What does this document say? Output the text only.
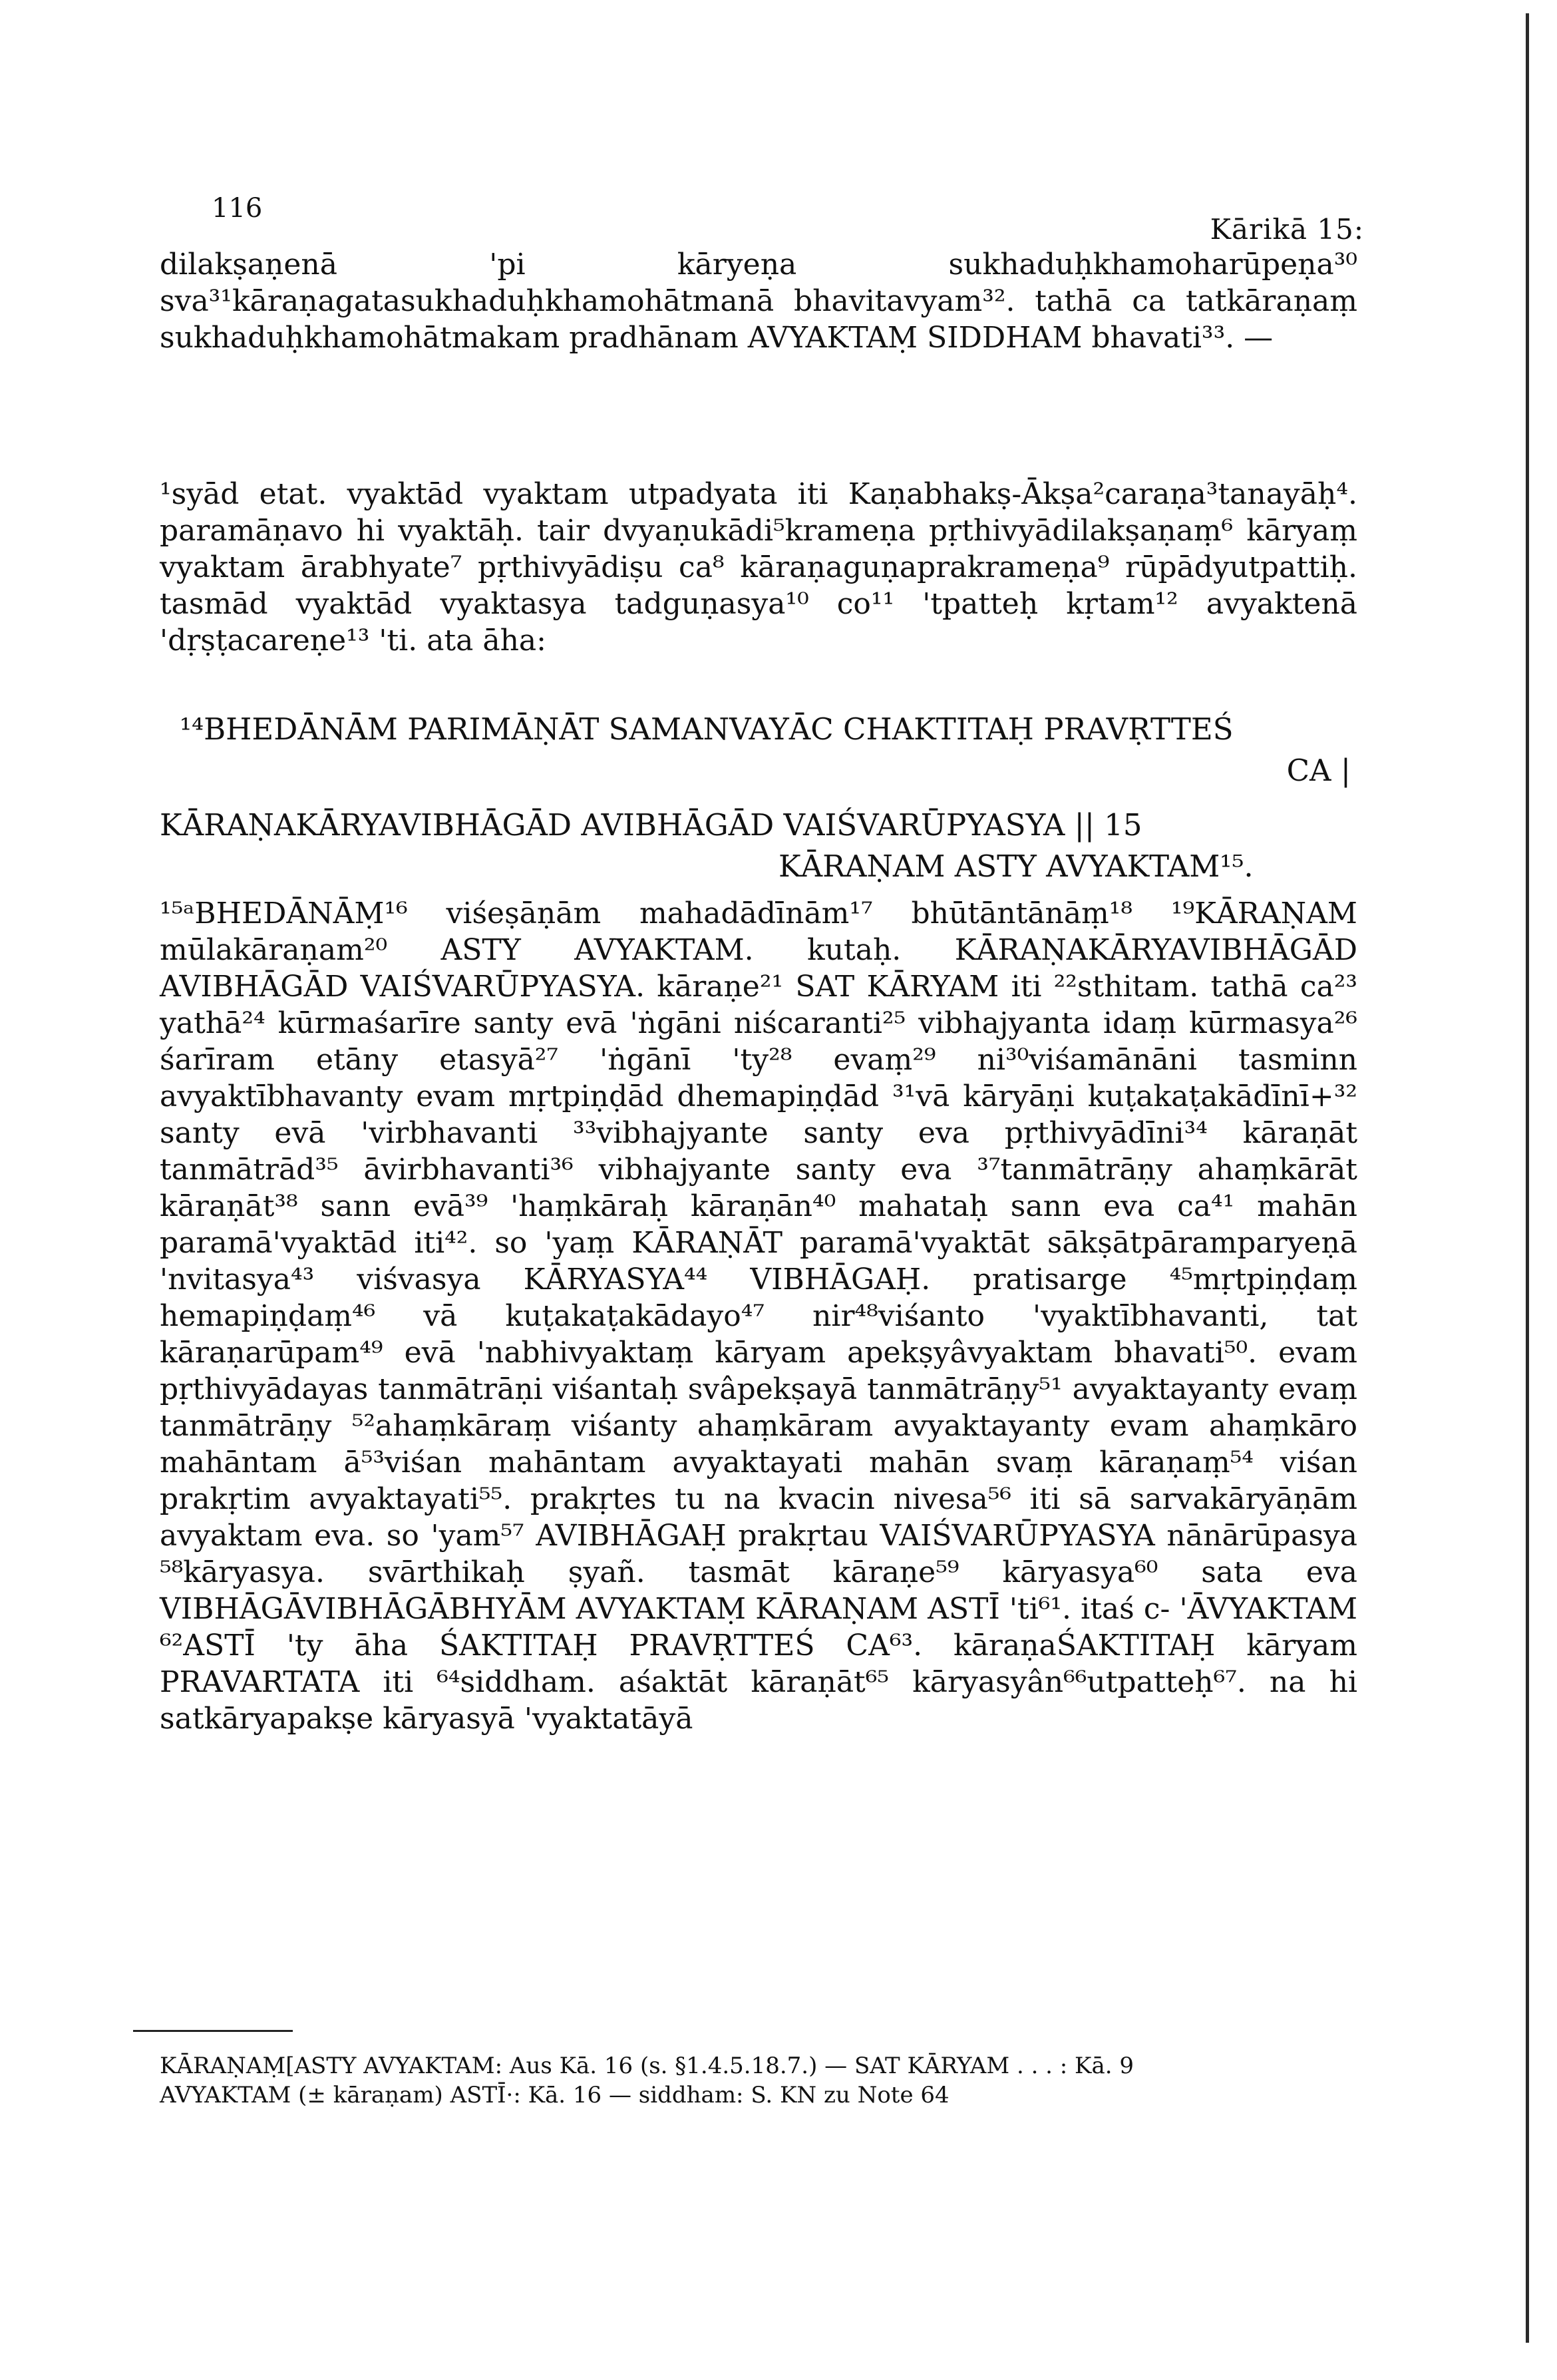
116
Kārikā 15:

dilakṣaṇenā 'pi kāryeṇa sukhaduḥkhamoharūpeṇa³⁰ sva³¹kāraṇagatasukhaduḥkhamohātmanā bhavitavyam³². tathā ca tatkāraṇaṃ sukhaduḥkhamohātmakam pradhānam AVYAKTAṂ SIDDHAM bhavati³³. —

¹syād etat. vyaktād vyaktam utpadyata iti Kaṇabhakṣ-Ākṣa²caraṇa³tanayāḥ⁴. paramāṇavo hi vyaktāḥ. tair dvyaṇukādi⁵krameṇa pṛthivyādilakṣaṇaṃ⁶ kāryaṃ vyaktam ārabhyate⁷ pṛthivyādiṣu ca⁸ kāraṇaguṇaprakrameṇa⁹ rūpādyutpattiḥ. tasmād vyaktād vyaktasya tadguṇasya¹⁰ co¹¹ 'tpatteḥ kṛtam¹² avyaktenā 'dṛṣṭacareṇe¹³ 'ti. ata āha:

¹⁴BHEDĀNĀM PARIMĀṆĀT SAMANVAYĀC CHAKTITAḤ PRAVṚTTEŚ

CA |

KĀRAṆAKĀRYAVIBHĀGĀD AVIBHĀGĀD VAIŚVARŪPYASYA || 15

KĀRAṆAM ASTY AVYAKTAM¹⁵.

¹⁵ᵃBHEDĀNĀṂ¹⁶ viśeṣāṇām mahadādīnām¹⁷ bhūtāntānāṃ¹⁸ ¹⁹KĀRAṆAM mūlakāraṇam²⁰ ASTY AVYAKTAM. kutaḥ. KĀRAṆAKĀRYAVIBHĀGĀD AVIBHĀGĀD VAIŚVARŪPYASYA. kāraṇe²¹ SAT KĀRYAM iti ²²sthitam. tathā ca²³ yathā²⁴ kūrmaśarīre santy evā 'ṅgāni niścaranti²⁵ vibhajyanta idaṃ kūrmasya²⁶ śarīram etāny etasyā²⁷ 'ṅgānī 'ty²⁸ evaṃ²⁹ ni³⁰viśamānāni tasminn avyaktībhavanty evam mṛtpiṇḍād dhemapiṇḍād ³¹vā kāryāṇi kuṭakaṭakādīnī+³² santy evā 'virbhavanti ³³vibhajyante santy eva pṛthivyādīni³⁴ kāraṇāt tanmātrād³⁵ āvirbhavanti³⁶ vibhajyante santy eva ³⁷tanmātrāṇy ahaṃkārāt kāraṇāt³⁸ sann evā³⁹ 'haṃkāraḥ kāraṇān⁴⁰ mahataḥ sann eva ca⁴¹ mahān paramā'vyaktād iti⁴². so 'yaṃ KĀRAṆĀT paramā'vyaktāt sākṣātpāramparyeṇā 'nvitasya⁴³ viśvasya KĀRYASYA⁴⁴ VIBHĀGAḤ. pratisarge ⁴⁵mṛtpiṇḍaṃ hemapiṇḍaṃ⁴⁶ vā kuṭakaṭakādayo⁴⁷ nir⁴⁸viśanto 'vyaktībhavanti, tat kāraṇarūpam⁴⁹ evā 'nabhivyaktaṃ kāryam apekṣyâvyaktam bhavati⁵⁰. evam pṛthivyādayas tanmātrāṇi viśantaḥ svâpekṣayā tanmātrāṇy⁵¹ avyaktayanty evaṃ tanmātrāṇy ⁵²ahaṃkāraṃ viśanty ahaṃkāram avyaktayanty evam ahaṃkāro mahāntam ā⁵³viśan mahāntam avyaktayati mahān svaṃ kāraṇaṃ⁵⁴ viśan prakṛtim avyaktayati⁵⁵. prakṛtes tu na kvacin nivesa⁵⁶ iti sā sarvakāryāṇām avyaktam eva. so 'yam⁵⁷ AVIBHĀGAḤ prakṛtau VAIŚVARŪPYASYA nānārūpasya ⁵⁸kāryasya. svārthikaḥ ṣyañ. tasmāt kāraṇe⁵⁹ kāryasya⁶⁰ sata eva VIBHĀGĀVIBHĀGĀBHYĀM AVYAKTAṂ KĀRAṆAM ASTĪ 'ti⁶¹. itaś c- 'ĀVYAKTAM ⁶²ASTĪ 'ty āha ŚAKTITAḤ PRAVṚTTEŚ CA⁶³. kāraṇaŚAKTITAḤ kāryam PRAVARTATA iti ⁶⁴siddham. aśaktāt kāraṇāt⁶⁵ kāryasyân⁶⁶utpatteḥ⁶⁷. na hi satkāryapakṣe kāryasyā 'vyaktatāyā

KĀRAṆAṂ[ASTY AVYAKTAM: Aus Kā. 16 (s. §1.4.5.18.7.) — SAT KĀRYAM . . . : Kā. 9
AVYAKTAM (± kāraṇam) ASTĪ·: Kā. 16 — siddham: S. KN zu Note 64
